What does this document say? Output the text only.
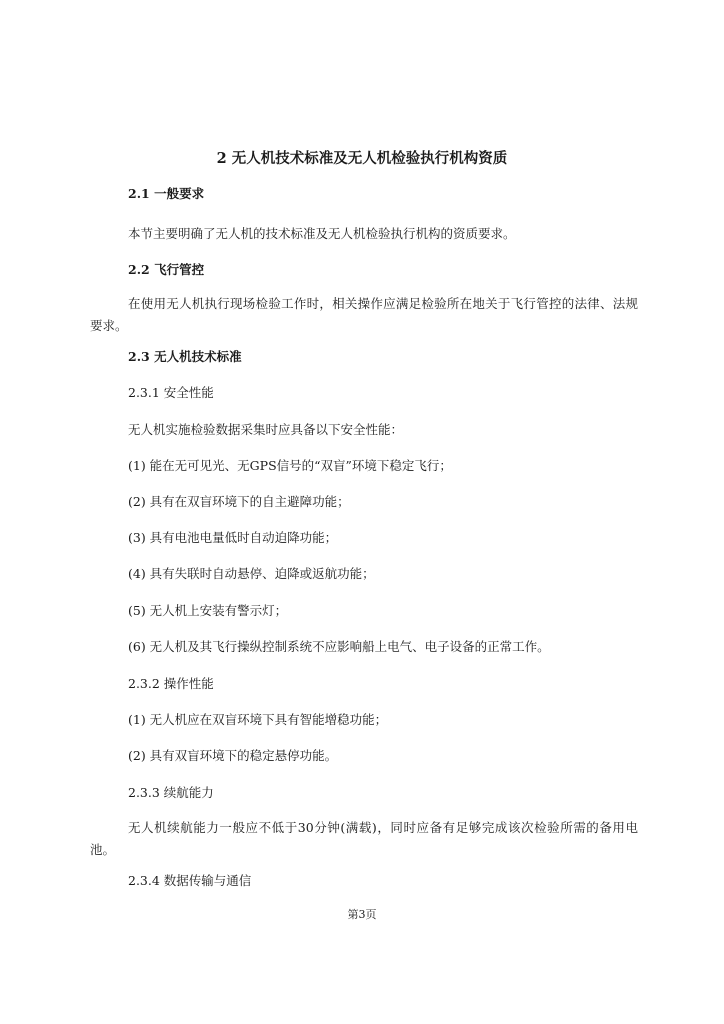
2 无人机技术标准及无人机检验执行机构资质
2.1 一般要求
本节主要明确了无人机的技术标准及无人机检验执行机构的资质要求。
2.2 飞行管控
在使用无人机执行现场检验工作时，相关操作应满足检验所在地关于飞行管控的法律、法规要求。
2.3 无人机技术标准
2.3.1 安全性能
无人机实施检验数据采集时应具备以下安全性能：
(1) 能在无可见光、无GPS信号的“双盲”环境下稳定飞行；
(2) 具有在双盲环境下的自主避障功能；
(3) 具有电池电量低时自动迫降功能；
(4) 具有失联时自动悬停、迫降或返航功能；
(5) 无人机上安装有警示灯；
(6) 无人机及其飞行操纵控制系统不应影响船上电气、电子设备的正常工作。
2.3.2 操作性能
(1) 无人机应在双盲环境下具有智能增稳功能；
(2) 具有双盲环境下的稳定悬停功能。
2.3.3 续航能力
无人机续航能力一般应不低于30分钟(满载)，同时应备有足够完成该次检验所需的备用电池。
2.3.4 数据传输与通信
第3页
